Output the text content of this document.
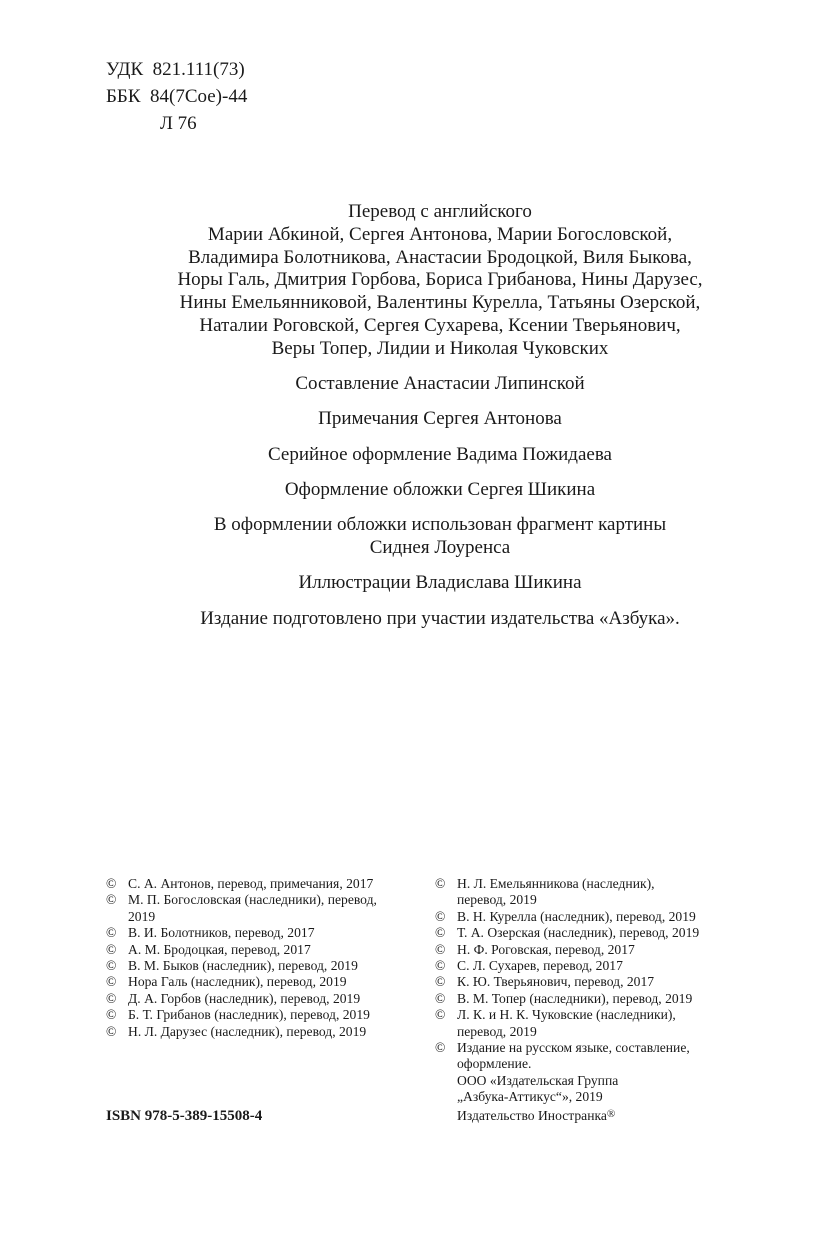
УДК  821.111(73)
ББК  84(7Сое)-44
Л 76
Перевод с английского
Марии Абкиной, Сергея Антонова, Марии Богословской,
Владимира Болотникова, Анастасии Бродоцкой, Виля Быкова,
Норы Галь, Дмитрия Горбова, Бориса Грибанова, Нины Дарузес,
Нины Емельянниковой, Валентины Курелла, Татьяны Озерской,
Наталии Роговской, Сергея Сухарева, Ксении Тверьянович,
Веры Топер, Лидии и Николая Чуковских
Составление Анастасии Липинской
Примечания Сергея Антонова
Серийное оформление Вадима Пожидаева
Оформление обложки Сергея Шикина
В оформлении обложки использован фрагмент картины
Сиднея Лоуренса
Иллюстрации Владислава Шикина
Издание подготовлено при участии издательства «Азбука».
© С. А. Антонов, перевод, примечания, 2017
© М. П. Богословская (наследники), перевод,
2019
© В. И. Болотников, перевод, 2017
© А. М. Бродоцкая, перевод, 2017
© В. М. Быков (наследник), перевод, 2019
© Нора Галь (наследник), перевод, 2019
© Д. А. Горбов (наследник), перевод, 2019
© Б. Т. Грибанов (наследник), перевод, 2019
© Н. Л. Дарузес (наследник), перевод, 2019
© Н. Л. Емельянникова (наследник),
перевод, 2019
© В. Н. Курелла (наследник), перевод, 2019
© Т. А. Озерская (наследник), перевод, 2019
© Н. Ф. Роговская, перевод, 2017
© С. Л. Сухарев, перевод, 2017
© К. Ю. Тверьянович, перевод, 2017
© В. М. Топер (наследники), перевод, 2019
© Л. К. и Н. К. Чуковские (наследники),
перевод, 2019
© Издание на русском языке, составление,
оформление.
ООО «Издательская Группа
„Азбука-Аттикус“», 2019
Издательство Иностранка®
ISBN 978-5-389-15508-4
